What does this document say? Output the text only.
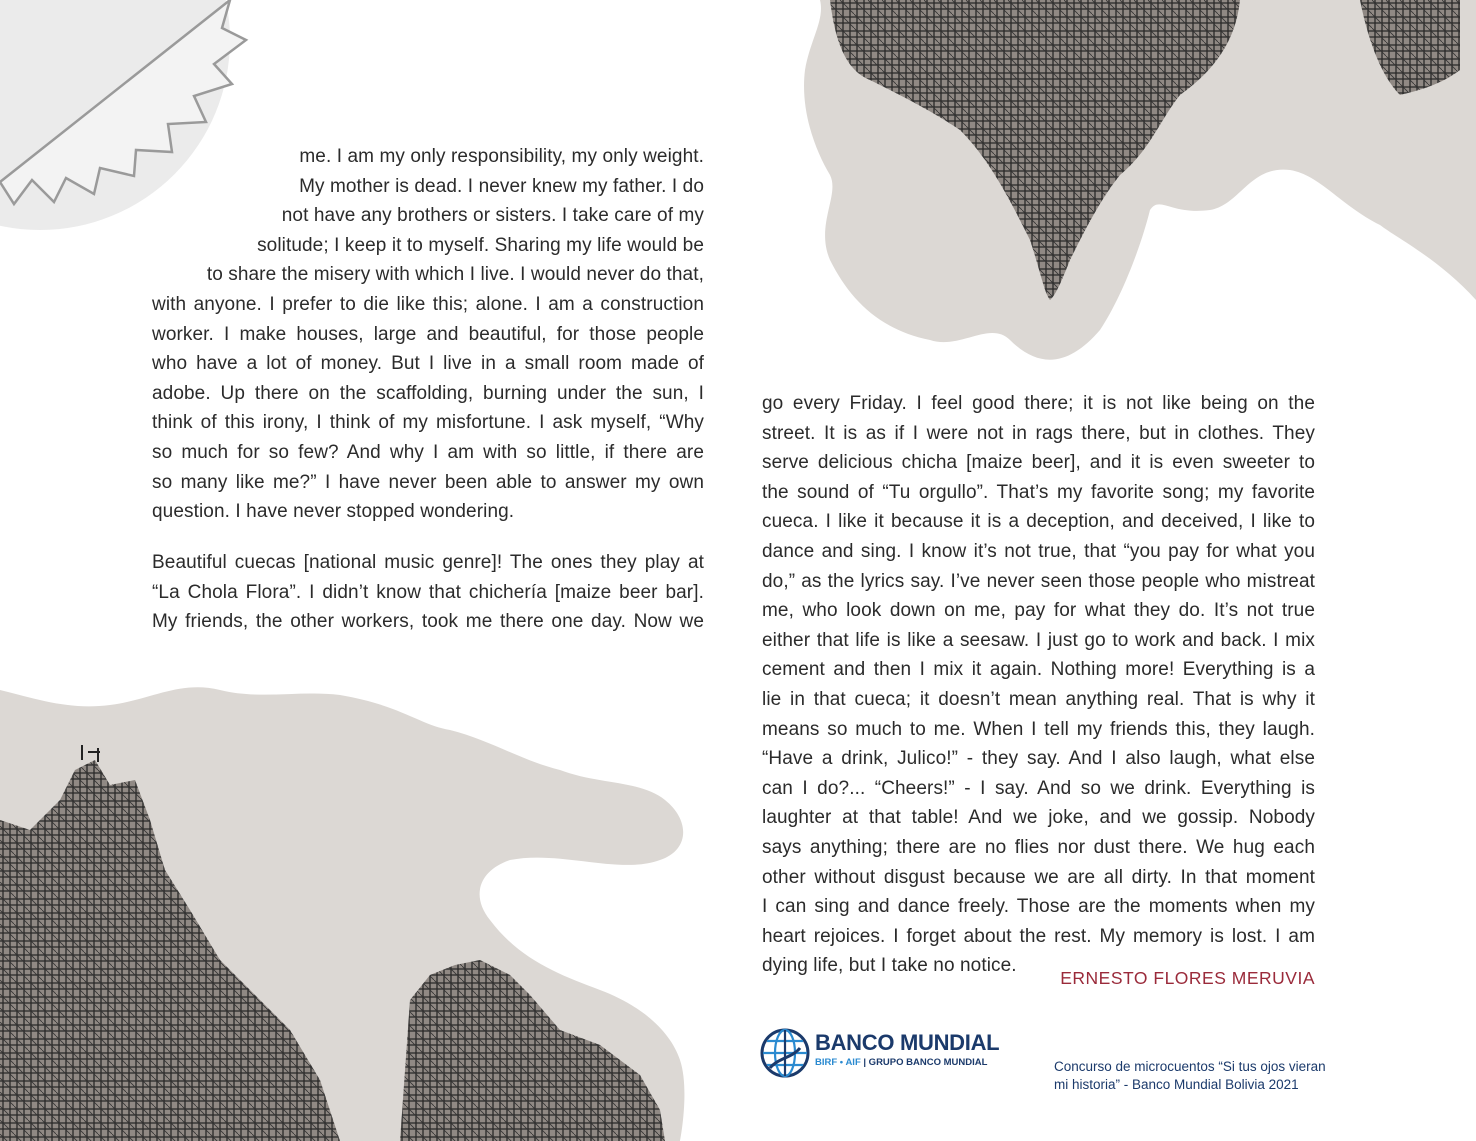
me. I am my only responsibility, my only weight.
My mother is dead. I never knew my father. I do
not have any brothers or sisters. I take care of my
solitude; I keep it to myself. Sharing my life would be
to share the misery with which I live. I would never do that,
with anyone. I prefer to die like this; alone. I am a construction
worker. I make houses, large and beautiful, for those people
who have a lot of money. But I live in a small room made of
adobe. Up there on the scaffolding, burning under the sun, I
think of this irony, I think of my misfortune. I ask myself, “Why
so much for so few? And why I am with so little, if there are
so many like me?” I have never been able to answer my own
question. I have never stopped wondering.
Beautiful cuecas [national music genre]! The ones they play at
“La Chola Flora”. I didn’t know that chichería [maize beer bar].
My friends, the other workers, took me there one day. Now we
go every Friday. I feel good there; it is not like being on the
street. It is as if I were not in rags there, but in clothes. They
serve delicious chicha [maize beer], and it is even sweeter to
the sound of “Tu orgullo”. That’s my favorite song; my favorite
cueca. I like it because it is a deception, and deceived, I like to
dance and sing. I know it’s not true, that “you pay for what you
do,” as the lyrics say. I’ve never seen those people who mistreat
me, who look down on me, pay for what they do. It’s not true
either that life is like a seesaw. I just go to work and back. I mix
cement and then I mix it again. Nothing more! Everything is a
lie in that cueca; it doesn’t mean anything real. That is why it
means so much to me. When I tell my friends this, they laugh.
“Have a drink, Julico!” - they say. And I also laugh, what else
can I do?... “Cheers!” - I say. And so we drink. Everything is
laughter at that table! And we joke, and we gossip. Nobody
says anything; there are no flies nor dust there. We hug each
other without disgust because we are all dirty. In that moment
I can sing and dance freely. Those are the moments when my
heart rejoices. I forget about the rest. My memory is lost. I am
dying life, but I take no notice.
ERNESTO FLORES MERUVIA
BANCO MUNDIAL
BIRF • AIF | GRUPO BANCO MUNDIAL	Concurso de microcuentos “Si tus ojos vieran
mi historia” - Banco Mundial Bolivia 2021
